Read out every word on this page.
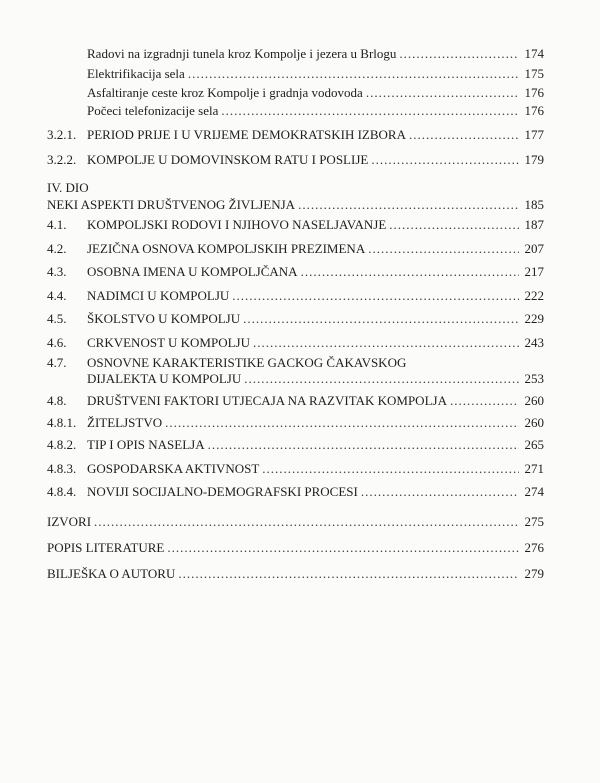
Radovi na izgradnji tunela kroz Kompolje i jezera u Brlogu .....	174
Elektrifikacija sela .....	175
Asfaltiranje ceste kroz Kompolje i gradnja vodovoda .....	176
Počeci telefonizacije sela .....	176
3.2.1. PERIOD PRIJE I U VRIJEME DEMOKRATSKIH IZBORA .....	177
3.2.2. KOMPOLJE U DOMOVINSKOM RATU I POSLIJE .....	179
IV. DIO
NEKI ASPEKTI DRUŠTVENOG ŽIVLJENJA .....	185
4.1. KOMPOLJSKI RODOVI I NJIHOVO NASELJAVANJE .....	187
4.2. JEZIČNA OSNOVA KOMPOLJSKIH PREZIMENA .....	207
4.3. OSOBNA IMENA U KOMPOLJČANA .....	217
4.4. NADIMCI U KOMPOLJU .....	222
4.5. ŠKOLSTVO U KOMPOLJU .....	229
4.6. CRKVENOST U KOMPOLJU .....	243
4.7. OSNOVNE KARAKTERISTIKE GACKOG ČAKAVSKOG
DIJALEKTA U KOMPOLJU .....	253
4.8. DRUŠTVENI FAKTORI UTJECAJA NA RAZVITAK KOMPOLJA .....	260
4.8.1. ŽITELJSTVO .....	260
4.8.2. TIP I OPIS NASELJA .....	265
4.8.3. GOSPODARSKA AKTIVNOST .....	271
4.8.4. NOVIJI SOCIJALNO-DEMOGRAFSKI PROCESI .....	274
IZVORI .....	275
POPIS LITERATURE .....	276
BILJEŠKA O AUTORU .....	279
